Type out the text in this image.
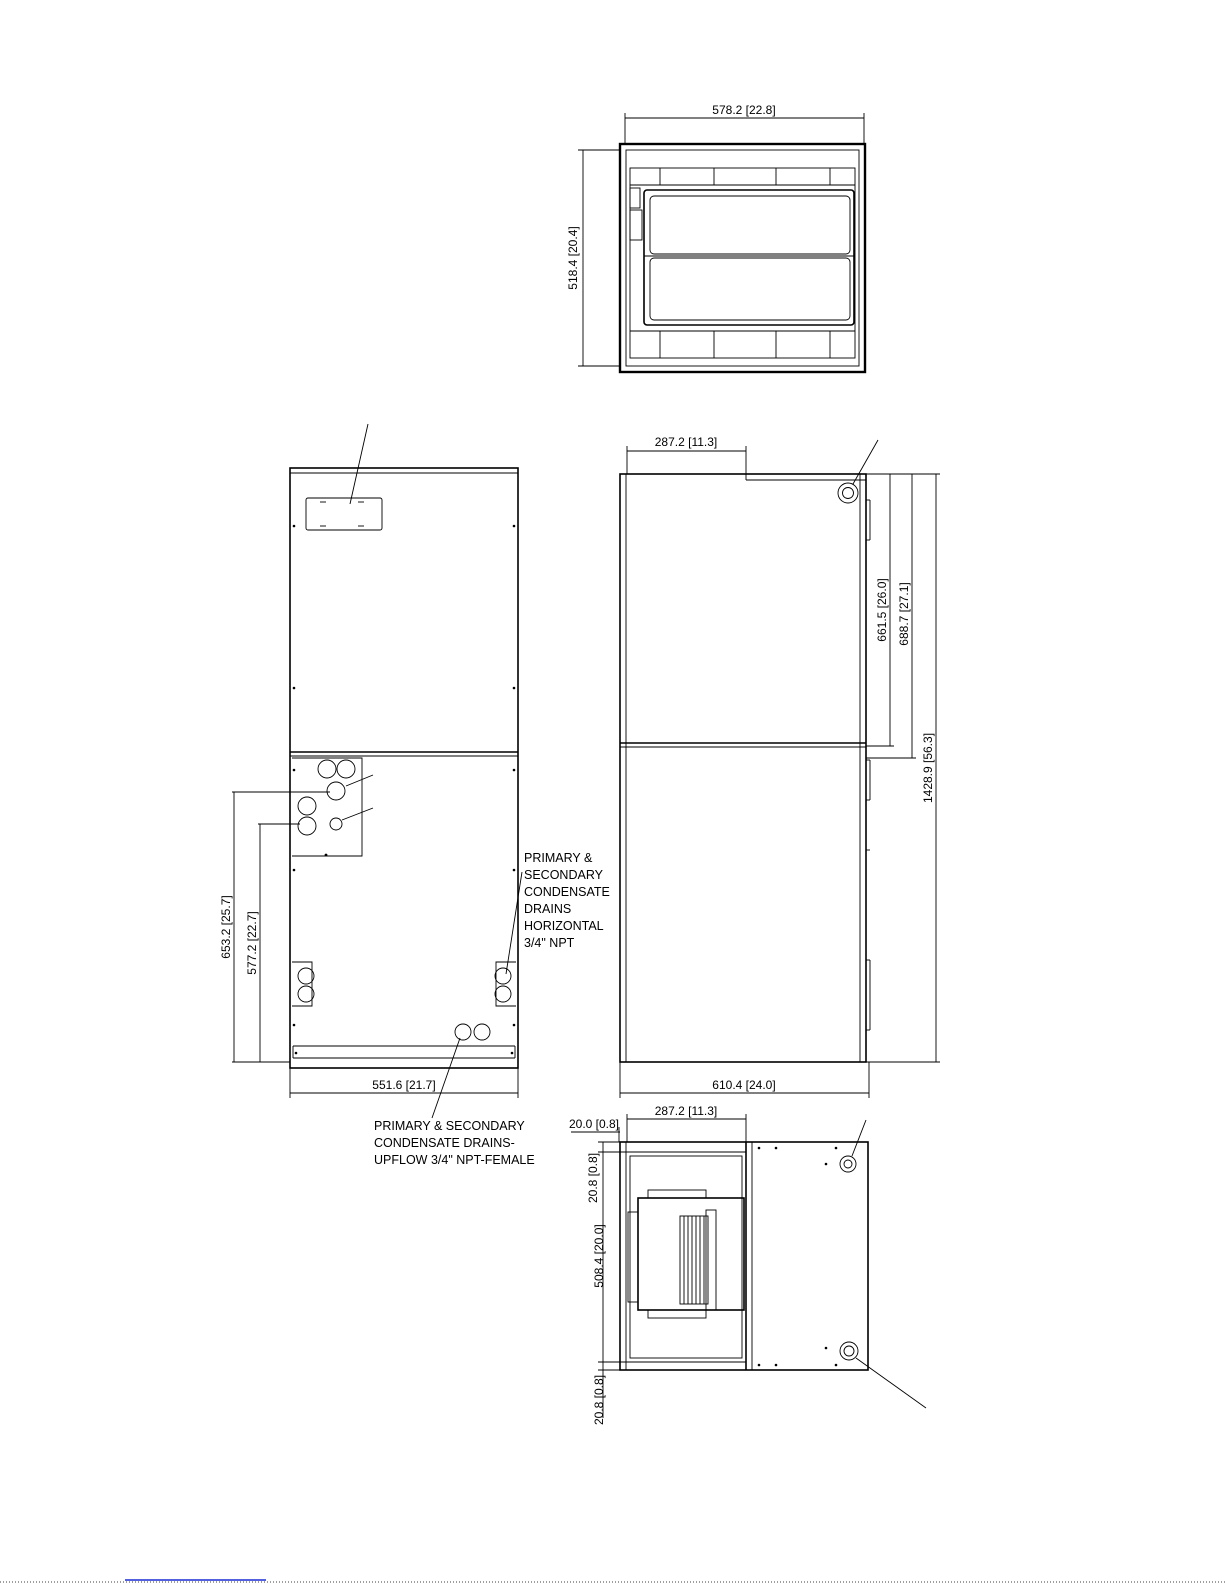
578.2 [22.8]
518.4 [20.4]
653.2 [25.7] 577.2 [22.7]
551.6 [21.7]
PRIMARY &
SECONDARY
CONDENSATE
DRAINS
HORIZONTAL
3/4" NPT
PRIMARY & SECONDARY
CONDENSATE DRAINS-
UPFLOW 3/4" NPT-FEMALE
287.2 [11.3]
661.5 [26.0] 688.7 [27.1]
1428.9 [56.3]
610.4 [24.0]
287.2 [11.3]
20.0 [0.8]
20.8 [0.8]
508.4 [20.0]
20.8 [0.8]
